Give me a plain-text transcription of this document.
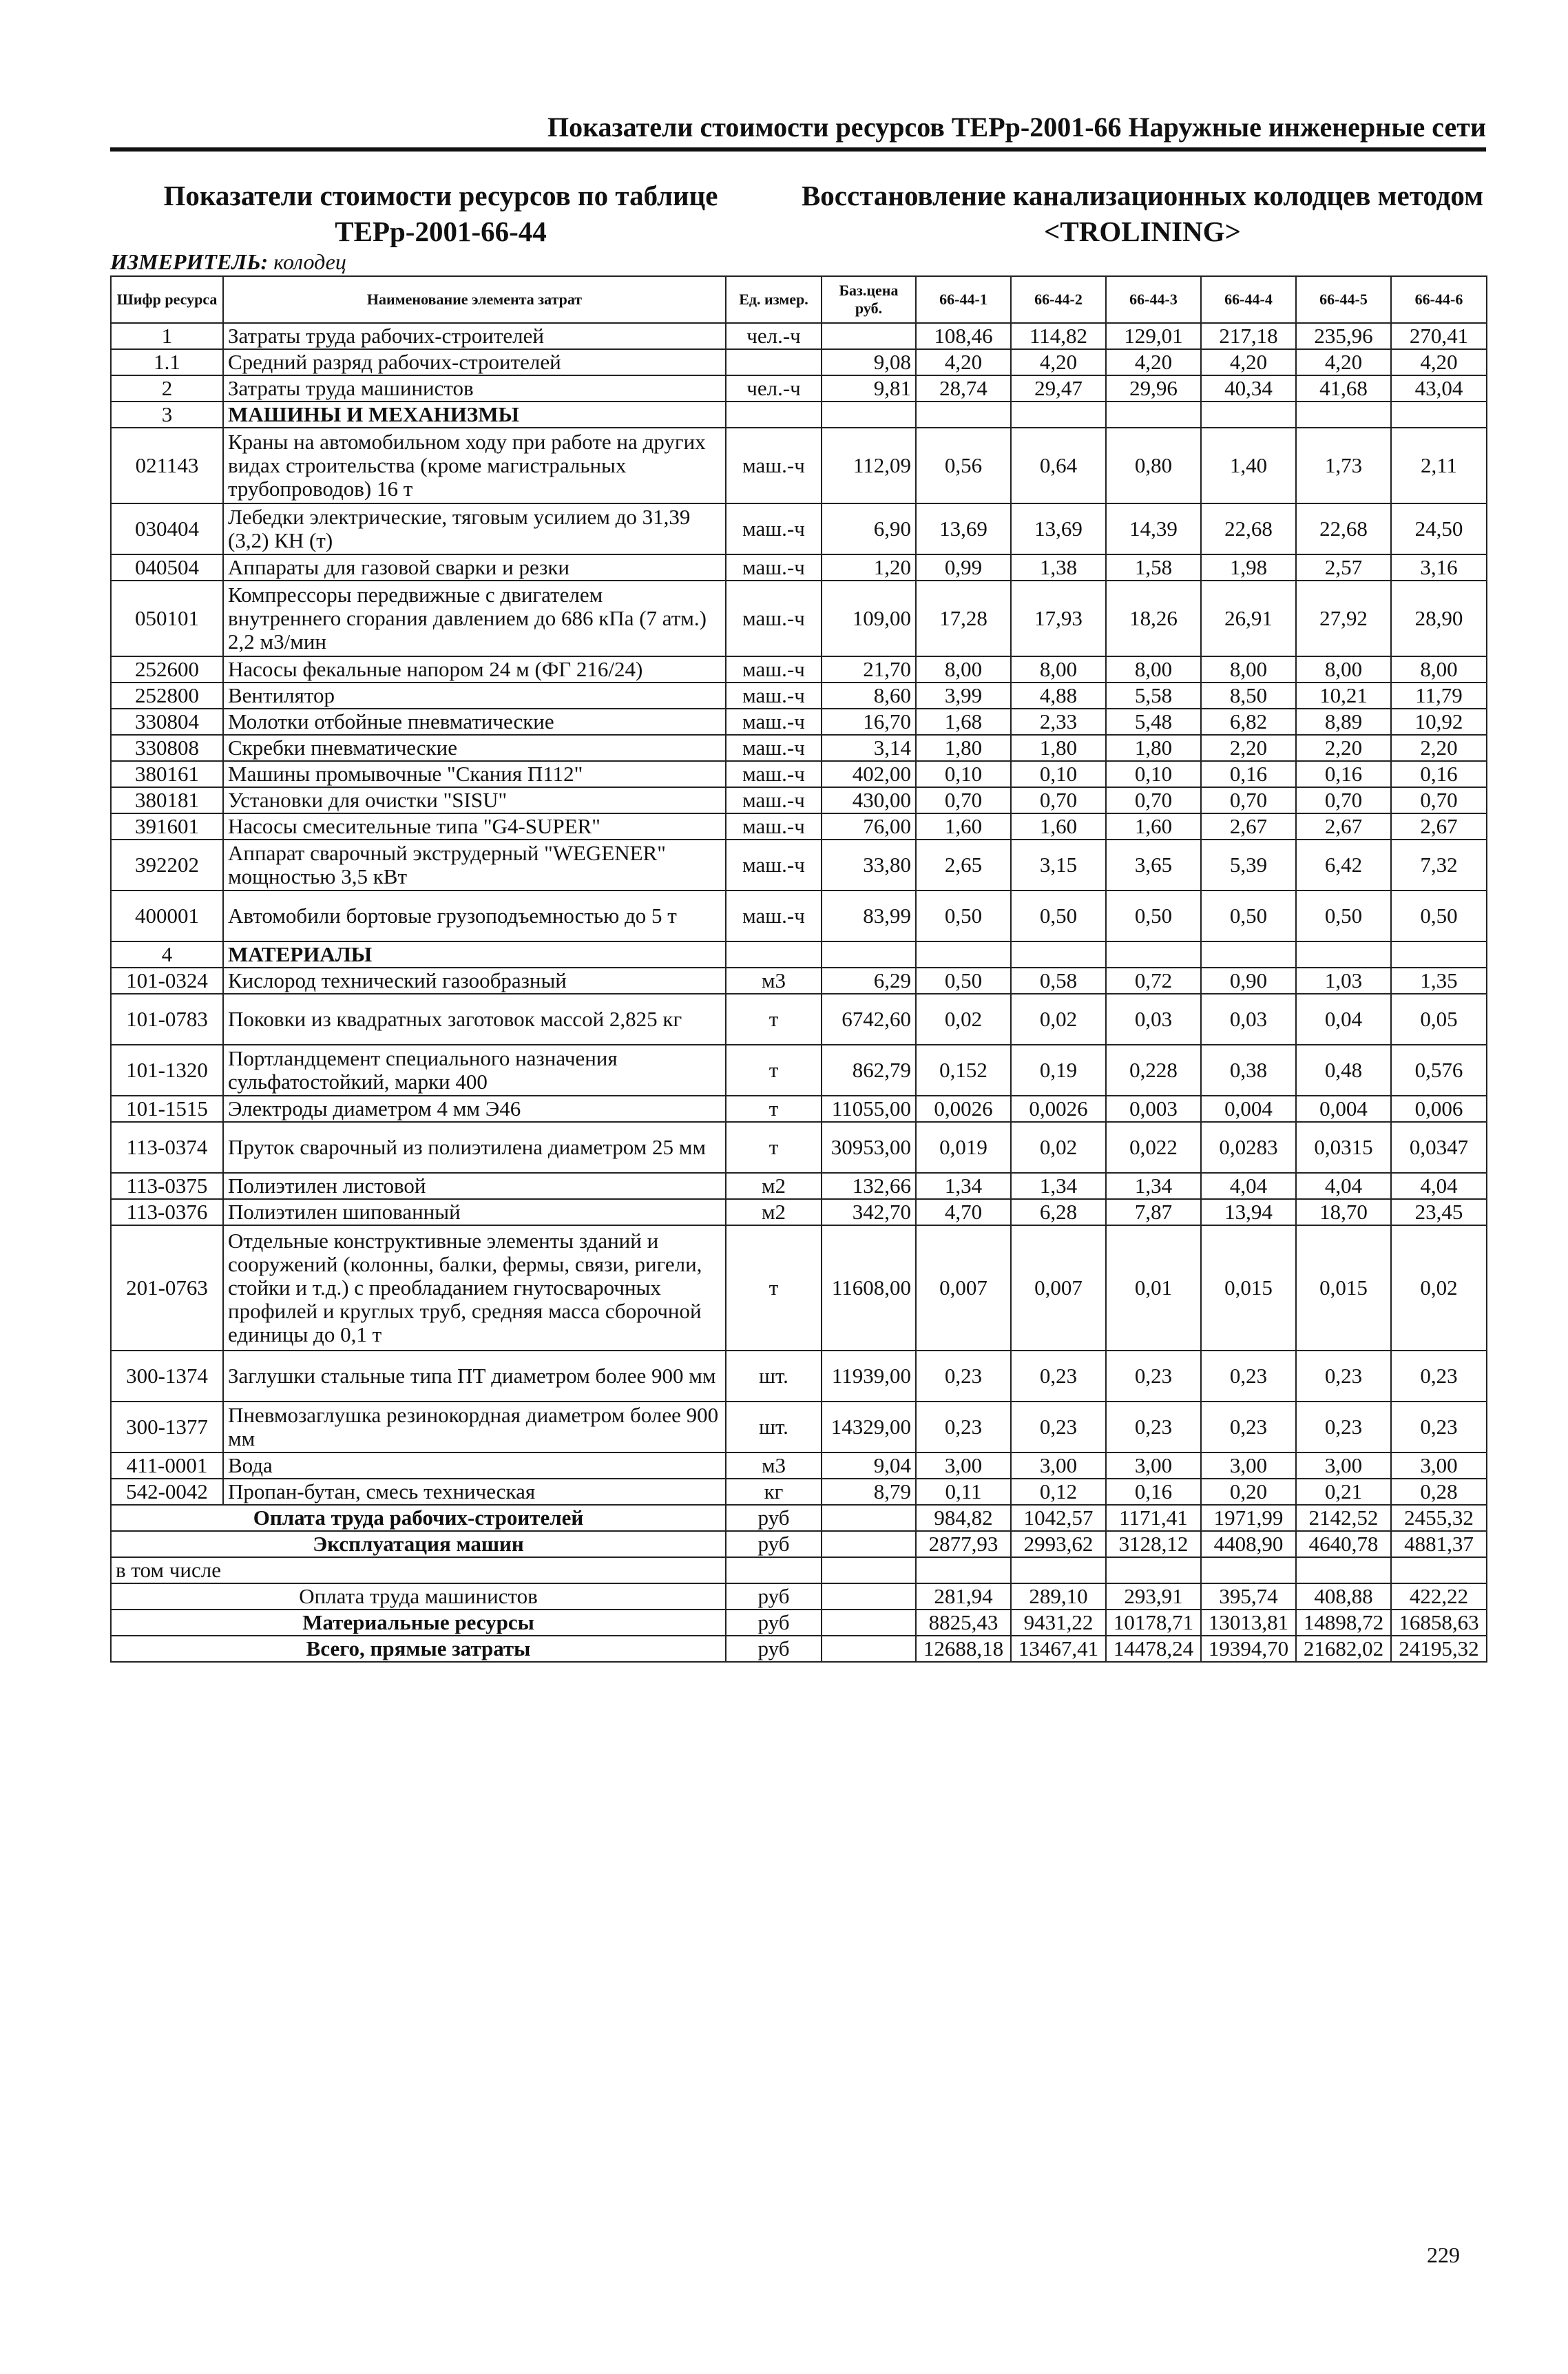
Показатели стоимости ресурсов ТЕРр-2001-66 Наружные инженерные сети
Показатели стоимости ресурсов по таблице ТЕРр-2001-66-44
Восстановление канализационных колодцев методом <TROLINING>
ИЗМЕРИТЕЛЬ: колодец
Шифр ресурса	Наименование элемента затрат	Ед. измер.	Баз.цена руб.	66-44-1	66-44-2	66-44-3	66-44-4	66-44-5	66-44-6
1	Затраты труда рабочих-строителей	чел.-ч		108,46	114,82	129,01	217,18	235,96	270,41
1.1	Средний разряд рабочих-строителей		9,08	4,20	4,20	4,20	4,20	4,20	4,20
2	Затраты труда машинистов	чел.-ч	9,81	28,74	29,47	29,96	40,34	41,68	43,04
3	МАШИНЫ И МЕХАНИЗМЫ								
021143	Краны на автомобильном ходу при работе на других видах строительства (кроме магистральных трубопроводов) 16 т	маш.-ч	112,09	0,56	0,64	0,80	1,40	1,73	2,11
030404	Лебедки электрические, тяговым усилием до 31,39 (3,2) КН (т)	маш.-ч	6,90	13,69	13,69	14,39	22,68	22,68	24,50
040504	Аппараты для газовой сварки и резки	маш.-ч	1,20	0,99	1,38	1,58	1,98	2,57	3,16
050101	Компрессоры передвижные с двигателем внутреннего сгорания давлением до 686 кПа (7 атм.) 2,2 м3/мин	маш.-ч	109,00	17,28	17,93	18,26	26,91	27,92	28,90
252600	Насосы фекальные напором 24 м (ФГ 216/24)	маш.-ч	21,70	8,00	8,00	8,00	8,00	8,00	8,00
252800	Вентилятор	маш.-ч	8,60	3,99	4,88	5,58	8,50	10,21	11,79
330804	Молотки отбойные пневматические	маш.-ч	16,70	1,68	2,33	5,48	6,82	8,89	10,92
330808	Скребки пневматические	маш.-ч	3,14	1,80	1,80	1,80	2,20	2,20	2,20
380161	Машины промывочные "Скания П112"	маш.-ч	402,00	0,10	0,10	0,10	0,16	0,16	0,16
380181	Установки для очистки "SISU"	маш.-ч	430,00	0,70	0,70	0,70	0,70	0,70	0,70
391601	Насосы смесительные типа "G4-SUPER"	маш.-ч	76,00	1,60	1,60	1,60	2,67	2,67	2,67
392202	Аппарат сварочный экструдерный "WEGENER" мощностью 3,5 кВт	маш.-ч	33,80	2,65	3,15	3,65	5,39	6,42	7,32
400001	Автомобили бортовые грузоподъемностью до 5 т	маш.-ч	83,99	0,50	0,50	0,50	0,50	0,50	0,50
4	МАТЕРИАЛЫ								
101-0324	Кислород технический газообразный	м3	6,29	0,50	0,58	0,72	0,90	1,03	1,35
101-0783	Поковки из квадратных заготовок массой 2,825 кг	т	6742,60	0,02	0,02	0,03	0,03	0,04	0,05
101-1320	Портландцемент специального назначения сульфатостойкий, марки 400	т	862,79	0,152	0,19	0,228	0,38	0,48	0,576
101-1515	Электроды диаметром 4 мм Э46	т	11055,00	0,0026	0,0026	0,003	0,004	0,004	0,006
113-0374	Пруток сварочный из полиэтилена диаметром 25 мм	т	30953,00	0,019	0,02	0,022	0,0283	0,0315	0,0347
113-0375	Полиэтилен листовой	м2	132,66	1,34	1,34	1,34	4,04	4,04	4,04
113-0376	Полиэтилен шипованный	м2	342,70	4,70	6,28	7,87	13,94	18,70	23,45
201-0763	Отдельные конструктивные элементы зданий и сооружений (колонны, балки, фермы, связи, ригели, стойки и т.д.) с преобладанием гнутосварочных профилей и круглых труб, средняя масса сборочной единицы до 0,1 т	т	11608,00	0,007	0,007	0,01	0,015	0,015	0,02
300-1374	Заглушки стальные типа ПТ диаметром более 900 мм	шт.	11939,00	0,23	0,23	0,23	0,23	0,23	0,23
300-1377	Пневмозаглушка резинокордная диаметром более 900 мм	шт.	14329,00	0,23	0,23	0,23	0,23	0,23	0,23
411-0001	Вода	м3	9,04	3,00	3,00	3,00	3,00	3,00	3,00
542-0042	Пропан-бутан, смесь техническая	кг	8,79	0,11	0,12	0,16	0,20	0,21	0,28
Оплата труда рабочих-строителей		руб		984,82	1042,57	1171,41	1971,99	2142,52	2455,32
Эксплуатация машин		руб		2877,93	2993,62	3128,12	4408,90	4640,78	4881,37
в том числе									
Оплата труда машинистов		руб		281,94	289,10	293,91	395,74	408,88	422,22
Материальные ресурсы		руб		8825,43	9431,22	10178,71	13013,81	14898,72	16858,63
Всего, прямые затраты		руб		12688,18	13467,41	14478,24	19394,70	21682,02	24195,32
229
